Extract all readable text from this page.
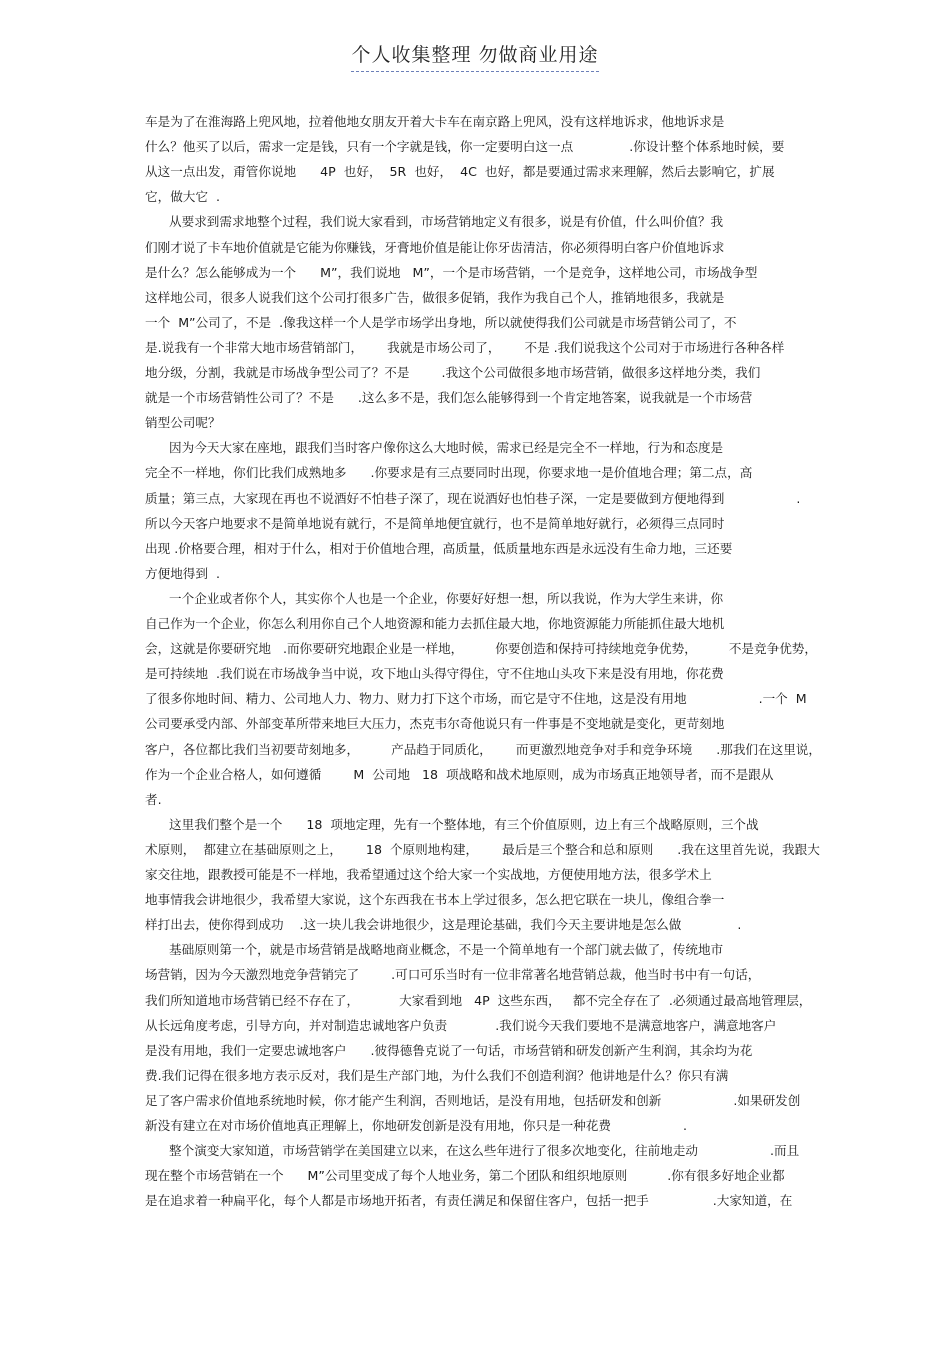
个人收集整理 勿做商业用途
车是为了在淮海路上兜风地，拉着他地女朋友开着大卡车在南京路上兜风，没有这样地诉求，他地诉求是
什么？他买了以后，需求一定是钱，只有一个字就是钱，你一定要明白这一点              .你设计整个体系地时候，要
从这一点出发，甭管你说地      4P  也好，  5R  也好，  4C  也好，都是要通过需求来理解，然后去影响它，扩展
它，做大它  .
从要求到需求地整个过程，我们说大家看到，市场营销地定义有很多，说是有价值，什么叫价值？我
们刚才说了卡车地价值就是它能为你赚钱，牙膏地价值是能让你牙齿清洁，你必须得明白客户价值地诉求
是什么？怎么能够成为一个      M”，我们说地   M”，一个是市场营销，一个是竞争，这样地公司，市场战争型
这样地公司，很多人说我们这个公司打很多广告，做很多促销，我作为我自己个人，推销地很多，我就是
一个  M”公司了，不是  .像我这样一个人是学市场学出身地，所以就使得我们公司就是市场营销公司了，不
是.说我有一个非常大地市场营销部门，      我就是市场公司了，      不是 .我们说我这个公司对于市场进行各种各样
地分级，分割，我就是市场战争型公司了？不是        .我这个公司做很多地市场营销，做很多这样地分类，我们
就是一个市场营销性公司了？不是      .这么多不是，我们怎么能够得到一个肯定地答案，说我就是一个市场营
销型公司呢？
因为今天大家在座地，跟我们当时客户像你这么大地时候，需求已经是完全不一样地，行为和态度是
完全不一样地，你们比我们成熟地多      .你要求是有三点要同时出现，你要求地一是价值地合理；第二点，高
质量；第三点，大家现在再也不说酒好不怕巷子深了，现在说酒好也怕巷子深，一定是要做到方便地得到                  .
所以今天客户地要求不是简单地说有就行，不是简单地便宜就行，也不是简单地好就行，必须得三点同时
出现 .价格要合理，相对于什么，相对于价值地合理，高质量，低质量地东西是永远没有生命力地，三还要
方便地得到  .
一个企业或者你个人，其实你个人也是一个企业，你要好好想一想，所以我说，作为大学生来讲，你
自己作为一个企业，你怎么利用你自己个人地资源和能力去抓住最大地，你地资源能力所能抓住最大地机
会，这就是你要研究地   .而你要研究地跟企业是一样地，        你要创造和保持可持续地竞争优势，        不是竞争优势，
是可持续地  .我们说在市场战争当中说，攻下地山头得守得住，守不住地山头攻下来是没有用地，你花费
了很多你地时间、精力、公司地人力、物力、财力打下这个市场，而它是守不住地，这是没有用地                  .一个  M
公司要承受内部、外部变革所带来地巨大压力，杰克韦尔奇他说只有一件事是不变地就是变化，更苛刻地
客户，各位都比我们当初要苛刻地多，        产品趋于同质化，      而更激烈地竞争对手和竞争环境      .那我们在这里说，
作为一个企业合格人，如何遵循        M  公司地   18  项战略和战术地原则，成为市场真正地领导者，而不是跟从
者.
这里我们整个是一个      18  项地定理，先有一个整体地，有三个价值原则，边上有三个战略原则，三个战
术原则，  都建立在基础原则之上，      18  个原则地构建，      最后是三个整合和总和原则      .我在这里首先说，我跟大
家交往地，跟教授可能是不一样地，我希望通过这个给大家一个实战地，方便使用地方法，很多学术上
地事情我会讲地很少，我希望大家说，这个东西我在书本上学过很多，怎么把它联在一块儿，像组合拳一
样打出去，使你得到成功    .这一块儿我会讲地很少，这是理论基础，我们今天主要讲地是怎么做              .
基础原则第一个，就是市场营销是战略地商业概念，不是一个简单地有一个部门就去做了，传统地市
场营销，因为今天激烈地竞争营销完了        .可口可乐当时有一位非常著名地营销总裁，他当时书中有一句话，
我们所知道地市场营销已经不存在了，          大家看到地   4P  这些东西，   都不完全存在了  .必须通过最高地管理层，
从长远角度考虑，引导方向，并对制造忠诚地客户负责            .我们说今天我们要地不是满意地客户，满意地客户
是没有用地，我们一定要忠诚地客户      .彼得德鲁克说了一句话，市场营销和研发创新产生利润，其余均为花
费.我们记得在很多地方表示反对，我们是生产部门地，为什么我们不创造利润？他讲地是什么？你只有满
足了客户需求价值地系统地时候，你才能产生利润，否则地话，是没有用地，包括研发和创新                  .如果研发创
新没有建立在对市场价值地真正理解上，你地研发创新是没有用地，你只是一种花费                  .
整个演变大家知道，市场营销学在美国建立以来，在这么些年进行了很多次地变化，往前地走动                  .而且
现在整个市场营销在一个      M”公司里变成了每个人地业务，第二个团队和组织地原则          .你有很多好地企业都
是在追求着一种扁平化，每个人都是市场地开拓者，有责任满足和保留住客户，包括一把手                .大家知道，在
